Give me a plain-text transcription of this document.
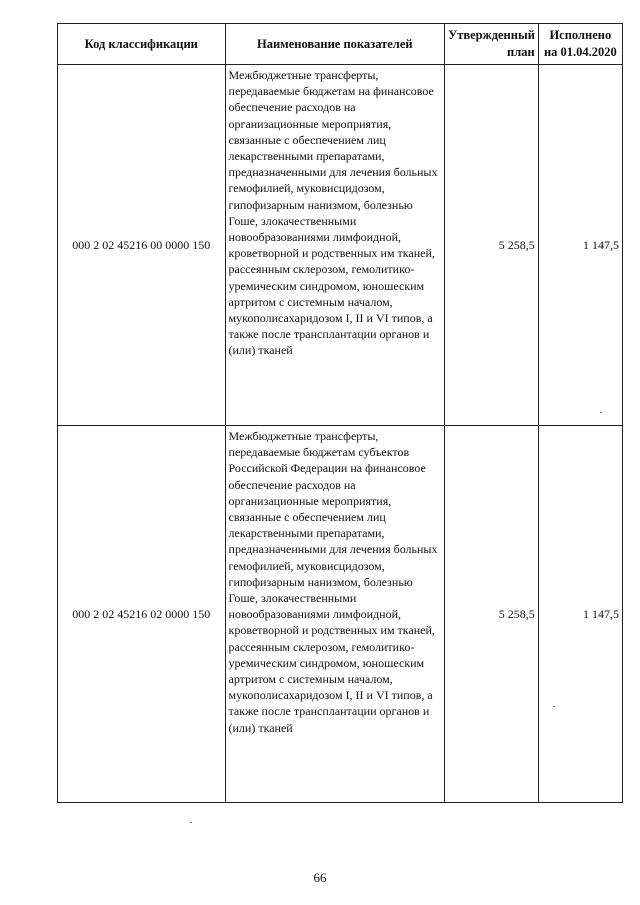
Код классификации	Наименование показателей	Утвержденный план	Исполнено на 01.04.2020
000 2 02 45216 00 0000 150	Межбюджетные трансферты, передаваемые бюджетам на финансовое обеспечение расходов на организационные мероприятия, связанные с обеспечением лиц лекарственными препаратами, предназначенными для лечения больных гемофилией, муковисцидозом, гипофизарным нанизмом, болезнью Гоше, злокачественными новообразованиями лимфоидной, кроветворной и родственных им тканей, рассеянным склерозом, гемолитико-уремическим синдромом, юношеским артритом с системным началом, мукополисахаридозом I, II и VI типов, а также после трансплантации органов и (или) тканей	5 258,5	1 147,5
000 2 02 45216 02 0000 150	Межбюджетные трансферты, передаваемые бюджетам субъектов Российской Федерации на финансовое обеспечение расходов на организационные мероприятия, связанные с обеспечением лиц лекарственными препаратами, предназначенными для лечения больных гемофилией, муковисцидозом, гипофизарным нанизмом, болезнью Гоше, злокачественными новообразованиями лимфоидной, кроветворной и родственных им тканей, рассеянным склерозом, гемолитико-уремическим синдромом, юношеским артритом с системным началом, мукополисахаридозом I, II и VI типов, а также после трансплантации органов и (или) тканей	5 258,5	1 147,5
66
